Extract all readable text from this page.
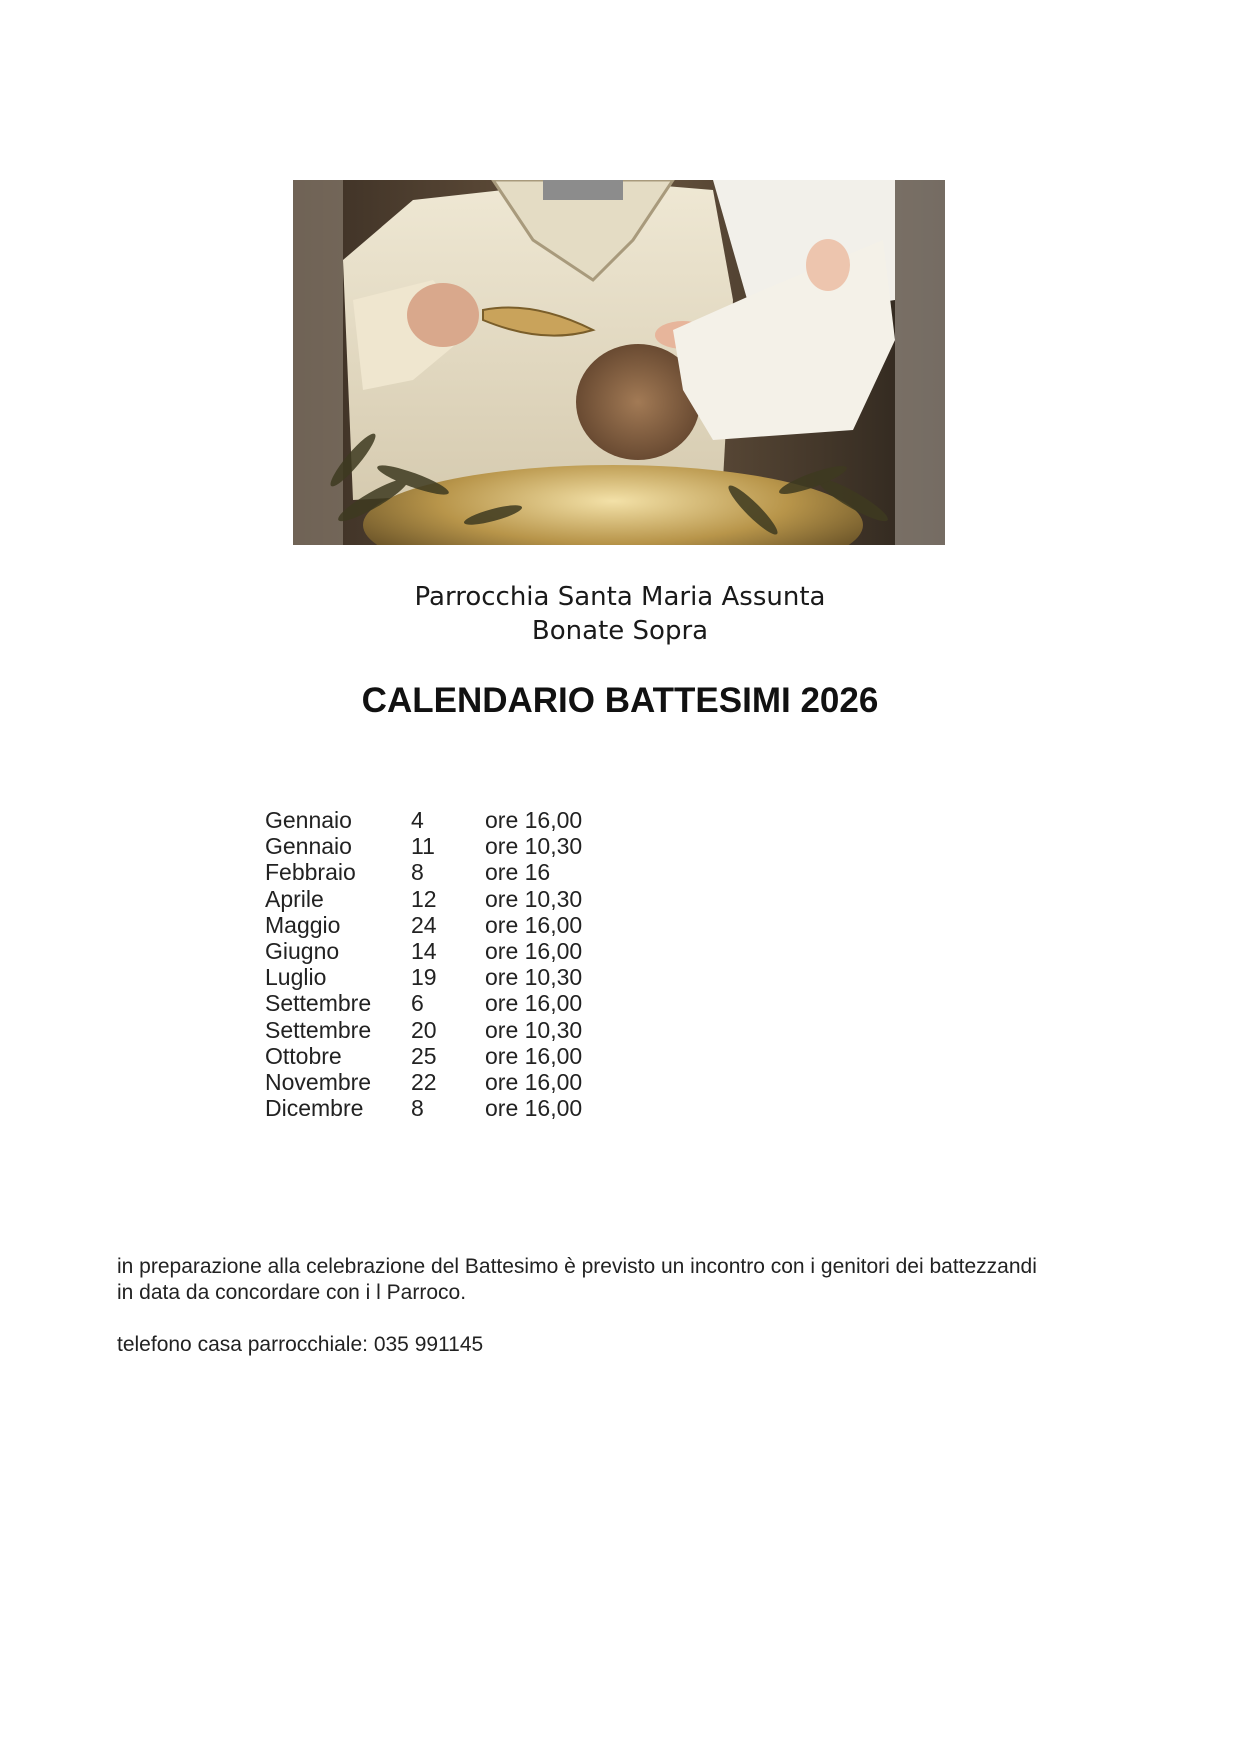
Parrocchia Santa Maria Assunta
Bonate Sopra
CALENDARIO BATTESIMI 2026
Gennaio	4	ore 16,00
Gennaio	11 ore 10,30
Febbraio 8	ore 16
Aprile	12 ore 10,30
Maggio	24 ore 16,00
Giugno	14 ore 16,00
Luglio	19 ore 10,30
Settembre 6	ore 16,00
Settembre 20 ore 10,30
Ottobre	25 ore 16,00
Novembre 22 ore 16,00
Dicembre 8	ore 16,00

in preparazione alla celebrazione del Battesimo è previsto un incontro con i genitori dei battezzandi

in data da concordare con i l Parroco.

telefono casa parrocchiale: 035 991145
